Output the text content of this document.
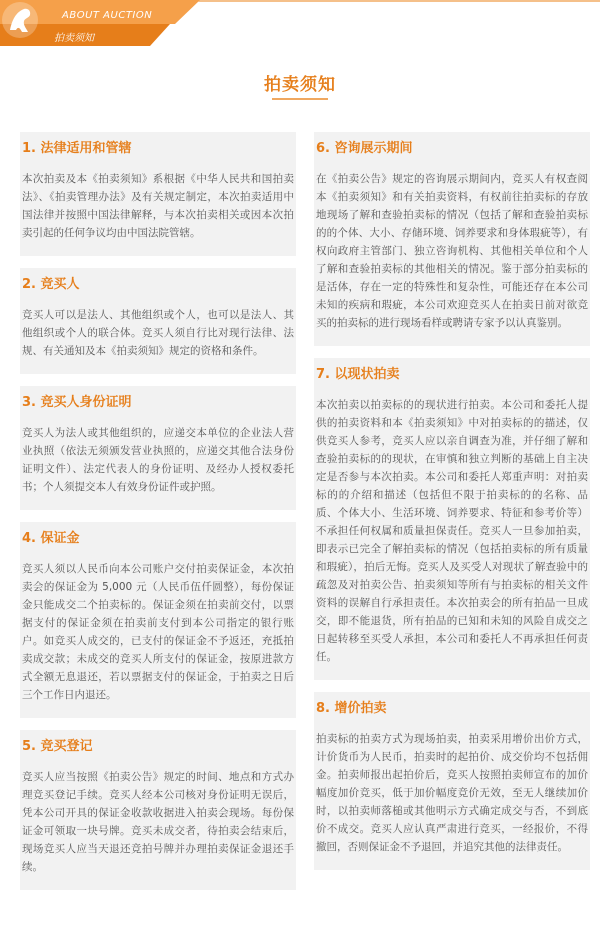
ABOUT AUCTION
拍卖须知
拍卖须知
1. 法律适用和管辖
本次拍卖及本《拍卖须知》系根据《中华人民共和国拍卖法》、《拍卖管理办法》及有关规定制定，本次拍卖适用中国法律并按照中国法律解释，与本次拍卖相关或因本次拍卖引起的任何争议均由中国法院管辖。
2. 竞买人
竞买人可以是法人、其他组织或个人，也可以是法人、其他组织或个人的联合体。竞买人须自行比对现行法律、法规、有关通知及本《拍卖须知》规定的资格和条件。
3. 竞买人身份证明
竞买人为法人或其他组织的，应递交本单位的企业法人营业执照（依法无须颁发营业执照的，应递交其他合法身份证明文件）、法定代表人的身份证明、及经办人授权委托书；个人须提交本人有效身份证件或护照。
4. 保证金
竞买人须以人民币向本公司账户交付拍卖保证金，本次拍卖会的保证金为 5,000 元（人民币伍仟圆整），每份保证金只能成交二个拍卖标的。保证金须在拍卖前交付，以票据支付的保证金须在拍卖前支付到本公司指定的银行账户。如竞买人成交的，已支付的保证金不予返还，充抵拍卖成交款；未成交的竞买人所支付的保证金，按原进款方式全额无息退还，若以票据支付的保证金，于拍卖之日后三个工作日内退还。
5. 竞买登记
竞买人应当按照《拍卖公告》规定的时间、地点和方式办理竞买登记手续。竞买人经本公司核对身份证明无误后，凭本公司开具的保证金收款收据进入拍卖会现场。每份保证金可领取一块号牌。竞买未成交者，待拍卖会结束后，现场竞买人应当天退还竞拍号牌并办理拍卖保证金退还手续。
6. 咨询展示期间
在《拍卖公告》规定的咨询展示期间内，竞买人有权查阅本《拍卖须知》和有关拍卖资料，有权前往拍卖标的存放地现场了解和查验拍卖标的情况（包括了解和查验拍卖标的的个体、大小、存储环境、饲养要求和身体瑕疵等），有权向政府主管部门、独立咨询机构、其他相关单位和个人了解和查验拍卖标的其他相关的情况。鉴于部分拍卖标的是活体，存在一定的特殊性和复杂性，可能还存在本公司未知的疾病和瑕疵，本公司欢迎竞买人在拍卖日前对欲竞买的拍卖标的进行现场看样或聘请专家予以认真鉴别。
7. 以现状拍卖
本次拍卖以拍卖标的的现状进行拍卖。本公司和委托人提供的拍卖资料和本《拍卖须知》中对拍卖标的的描述，仅供竞买人参考，竞买人应以亲自调查为准，并仔细了解和查验拍卖标的的现状，在审慎和独立判断的基础上自主决定是否参与本次拍卖。本公司和委托人郑重声明：对拍卖标的的介绍和描述（包括但不限于拍卖标的的名称、品质、个体大小、生活环境、饲养要求、特征和参考价等）不承担任何权属和质量担保责任。竞买人一旦参加拍卖，即表示已完全了解拍卖标的情况（包括拍卖标的所有质量和瑕疵），拍后无悔。竞买人及买受人对现状了解查验中的疏忽及对拍卖公告、拍卖须知等所有与拍卖标的相关文件资料的误解自行承担责任。本次拍卖会的所有拍品一旦成交，即不能退货，所有拍品的已知和未知的风险自成交之日起转移至买受人承担，本公司和委托人不再承担任何责任。
8. 增价拍卖
拍卖标的拍卖方式为现场拍卖，拍卖采用增价出价方式，计价货币为人民币，拍卖时的起拍价、成交价均不包括佣金。拍卖师报出起拍价后，竞买人按照拍卖师宣布的加价幅度加价竞买，低于加价幅度竞价无效，至无人继续加价时，以拍卖师落槌或其他明示方式确定成交与否，不到底价不成交。竞买人应认真严肃进行竞买，一经报价，不得撤回，否则保证金不予退回，并追究其他的法律责任。
